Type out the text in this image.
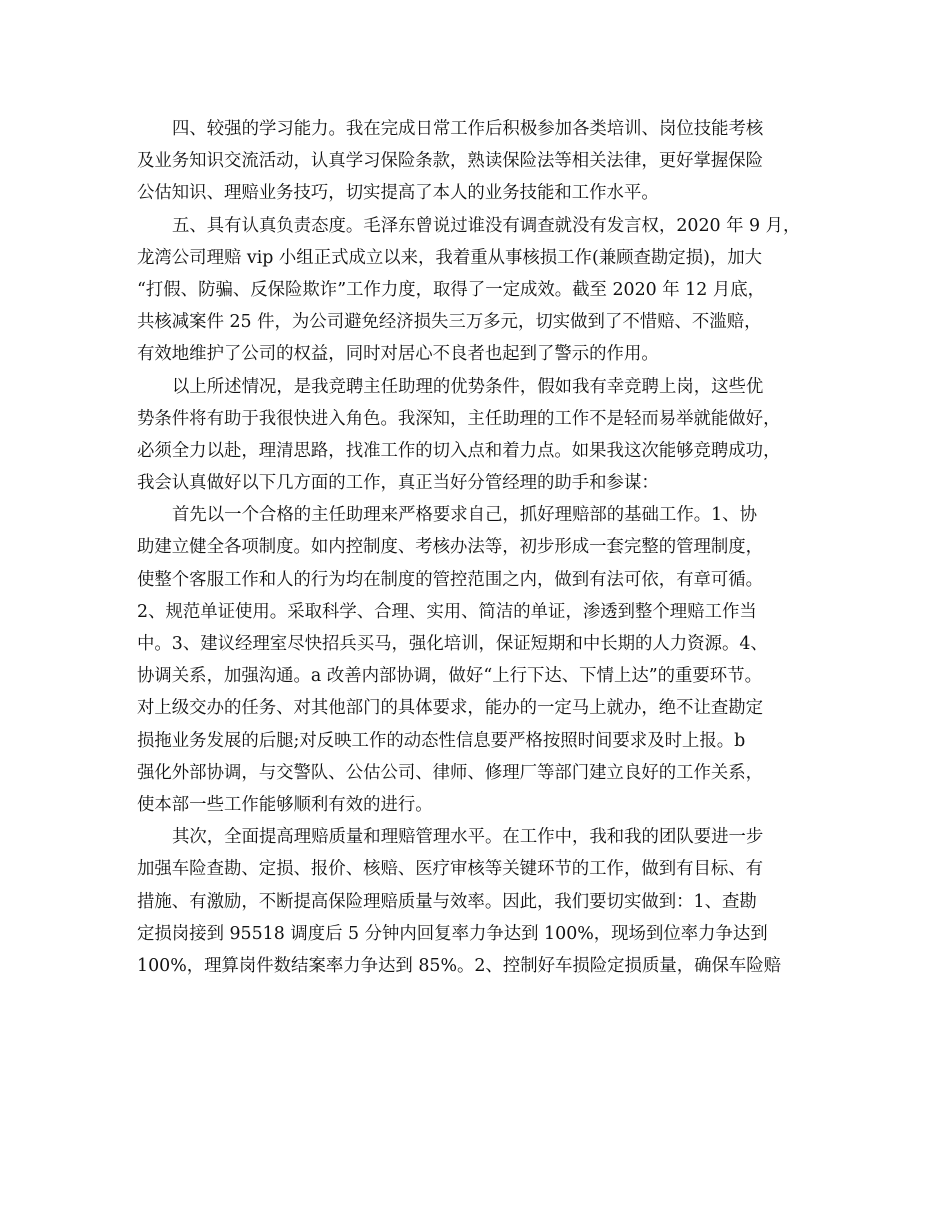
四、较强的学习能力。我在完成日常工作后积极参加各类培训、岗位技能考核
及业务知识交流活动，认真学习保险条款，熟读保险法等相关法律，更好掌握保险
公估知识、理赔业务技巧，切实提高了本人的业务技能和工作水平。
五、具有认真负责态度。毛泽东曾说过谁没有调查就没有发言权，2020 年 9 月，
龙湾公司理赔 vip 小组正式成立以来，我着重从事核损工作(兼顾查勘定损)，加大
“打假、防骗、反保险欺诈”工作力度，取得了一定成效。截至 2020 年 12 月底，
共核减案件 25 件，为公司避免经济损失三万多元，切实做到了不惜赔、不滥赔，
有效地维护了公司的权益，同时对居心不良者也起到了警示的作用。
以上所述情况，是我竞聘主任助理的优势条件，假如我有幸竞聘上岗，这些优
势条件将有助于我很快进入角色。我深知，主任助理的工作不是轻而易举就能做好，
必须全力以赴，理清思路，找准工作的切入点和着力点。如果我这次能够竞聘成功，
我会认真做好以下几方面的工作，真正当好分管经理的助手和参谋：
首先以一个合格的主任助理来严格要求自己，抓好理赔部的基础工作。1、协
助建立健全各项制度。如内控制度、考核办法等，初步形成一套完整的管理制度，
使整个客服工作和人的行为均在制度的管控范围之内，做到有法可依，有章可循。
2、规范单证使用。采取科学、合理、实用、简洁的单证，渗透到整个理赔工作当
中。3、建议经理室尽快招兵买马，强化培训，保证短期和中长期的人力资源。4、
协调关系，加强沟通。a 改善内部协调，做好“上行下达、下情上达”的重要环节。
对上级交办的任务、对其他部门的具体要求，能办的一定马上就办，绝不让查勘定
损拖业务发展的后腿;对反映工作的动态性信息要严格按照时间要求及时上报。b
强化外部协调，与交警队、公估公司、律师、修理厂等部门建立良好的工作关系，
使本部一些工作能够顺利有效的进行。
其次，全面提高理赔质量和理赔管理水平。在工作中，我和我的团队要进一步
加强车险查勘、定损、报价、核赔、医疗审核等关键环节的工作，做到有目标、有
措施、有激励，不断提高保险理赔质量与效率。因此，我们要切实做到：1、查勘
定损岗接到 95518 调度后 5 分钟内回复率力争达到 100%，现场到位率力争达到
100%，理算岗件数结案率力争达到 85%。2、控制好车损险定损质量，确保车险赔
